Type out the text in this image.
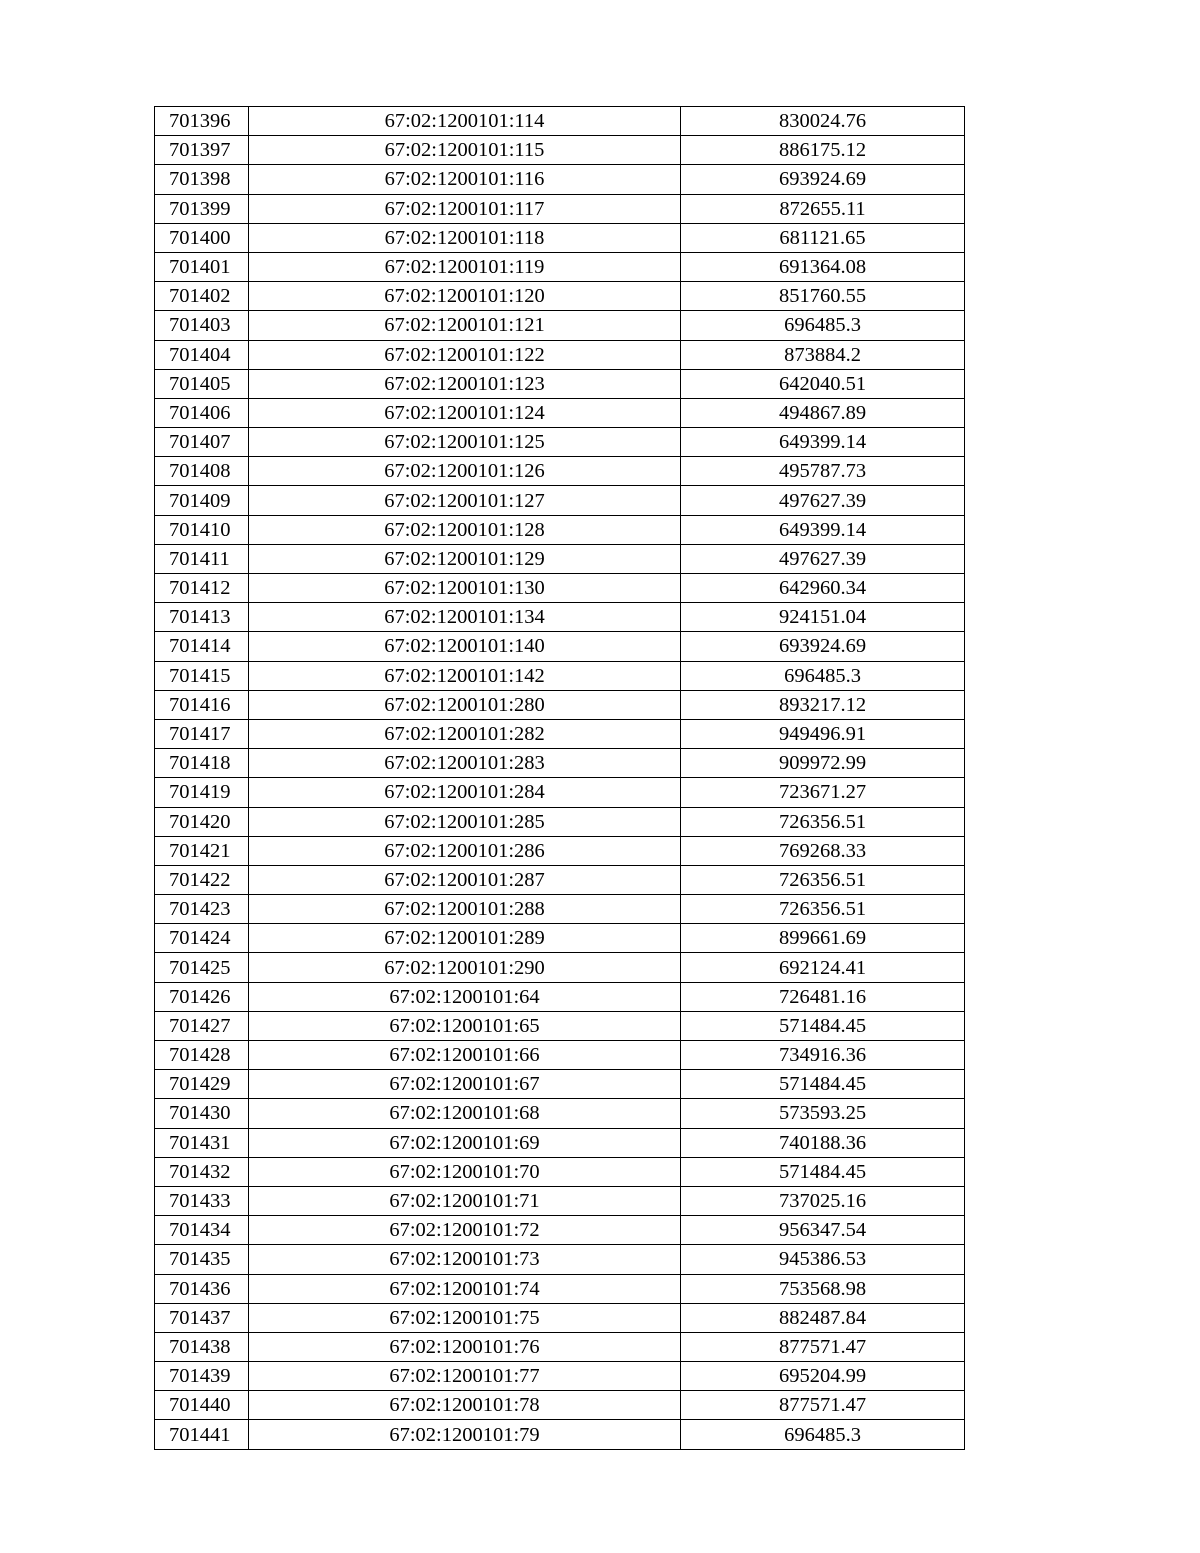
701396	67:02:1200101:114	830024.76
701397	67:02:1200101:115	886175.12
701398	67:02:1200101:116	693924.69
701399	67:02:1200101:117	872655.11
701400	67:02:1200101:118	681121.65
701401	67:02:1200101:119	691364.08
701402	67:02:1200101:120	851760.55
701403	67:02:1200101:121	696485.3
701404	67:02:1200101:122	873884.2
701405	67:02:1200101:123	642040.51
701406	67:02:1200101:124	494867.89
701407	67:02:1200101:125	649399.14
701408	67:02:1200101:126	495787.73
701409	67:02:1200101:127	497627.39
701410	67:02:1200101:128	649399.14
701411	67:02:1200101:129	497627.39
701412	67:02:1200101:130	642960.34
701413	67:02:1200101:134	924151.04
701414	67:02:1200101:140	693924.69
701415	67:02:1200101:142	696485.3
701416	67:02:1200101:280	893217.12
701417	67:02:1200101:282	949496.91
701418	67:02:1200101:283	909972.99
701419	67:02:1200101:284	723671.27
701420	67:02:1200101:285	726356.51
701421	67:02:1200101:286	769268.33
701422	67:02:1200101:287	726356.51
701423	67:02:1200101:288	726356.51
701424	67:02:1200101:289	899661.69
701425	67:02:1200101:290	692124.41
701426	67:02:1200101:64	726481.16
701427	67:02:1200101:65	571484.45
701428	67:02:1200101:66	734916.36
701429	67:02:1200101:67	571484.45
701430	67:02:1200101:68	573593.25
701431	67:02:1200101:69	740188.36
701432	67:02:1200101:70	571484.45
701433	67:02:1200101:71	737025.16
701434	67:02:1200101:72	956347.54
701435	67:02:1200101:73	945386.53
701436	67:02:1200101:74	753568.98
701437	67:02:1200101:75	882487.84
701438	67:02:1200101:76	877571.47
701439	67:02:1200101:77	695204.99
701440	67:02:1200101:78	877571.47
701441	67:02:1200101:79	696485.3
